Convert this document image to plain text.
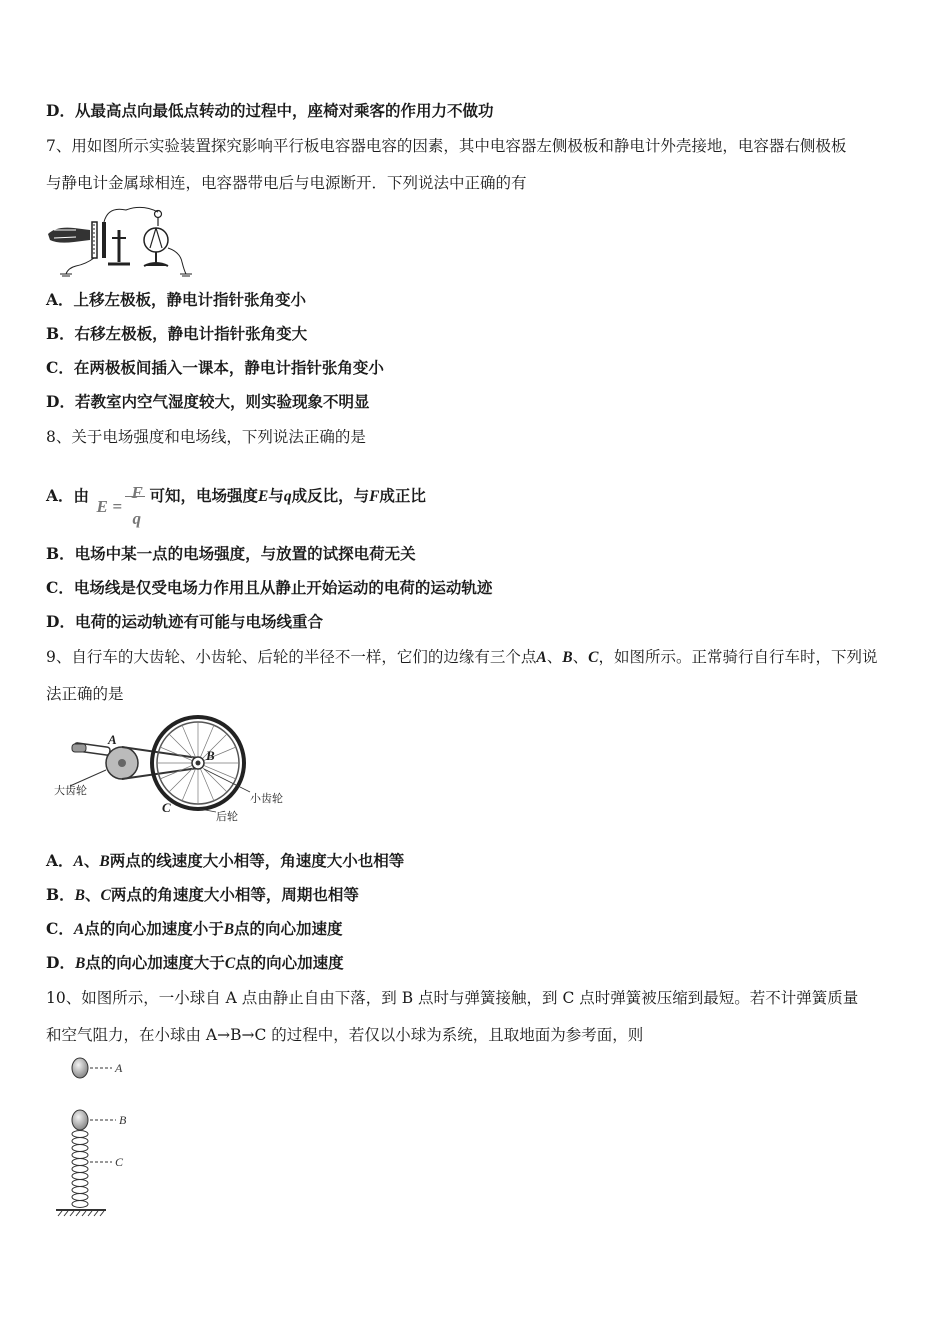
D．从最高点向最低点转动的过程中，座椅对乘客的作用力不做功
7、用如图所示实验装置探究影响平行板电容器电容的因素，其中电容器左侧极板和静电计外壳接地，电容器右侧极板
与静电计金属球相连，电容器带电后与电源断开．下列说法中正确的有
A．上移左极板，静电计指针张角变小
B．右移左极板，静电计指针张角变大
C．在两极板间插入一课本，静电计指针张角变小
D．若教室内空气湿度较大，则实验现象不明显
8、关于电场强度和电场线，下列说法正确的是
A．由
E =
F
q
可知，电场强度E与q成反比，与F成正比
B．电场中某一点的电场强度，与放置的试探电荷无关
C．电场线是仅受电场力作用且从静止开始运动的电荷的运动轨迹
D．电荷的运动轨迹有可能与电场线重合
9、自行车的大齿轮、小齿轮、后轮的半径不一样，它们的边缘有三个点A、B、C，如图所示。正常骑行自行车时，下列说
法正确的是
A
B
C
大齿轮
小齿轮
后轮
A．A、B两点的线速度大小相等，角速度大小也相等
B．B、C两点的角速度大小相等，周期也相等
C．A点的向心加速度小于B点的向心加速度
D．B点的向心加速度大于C点的向心加速度
10、如图所示，一小球自 A 点由静止自由下落，到 B 点时与弹簧接触，到 C 点时弹簧被压缩到最短。若不计弹簧质量
和空气阻力，在小球由 A→B→C 的过程中，若仅以小球为系统，且取地面为参考面，则
A
B
C
